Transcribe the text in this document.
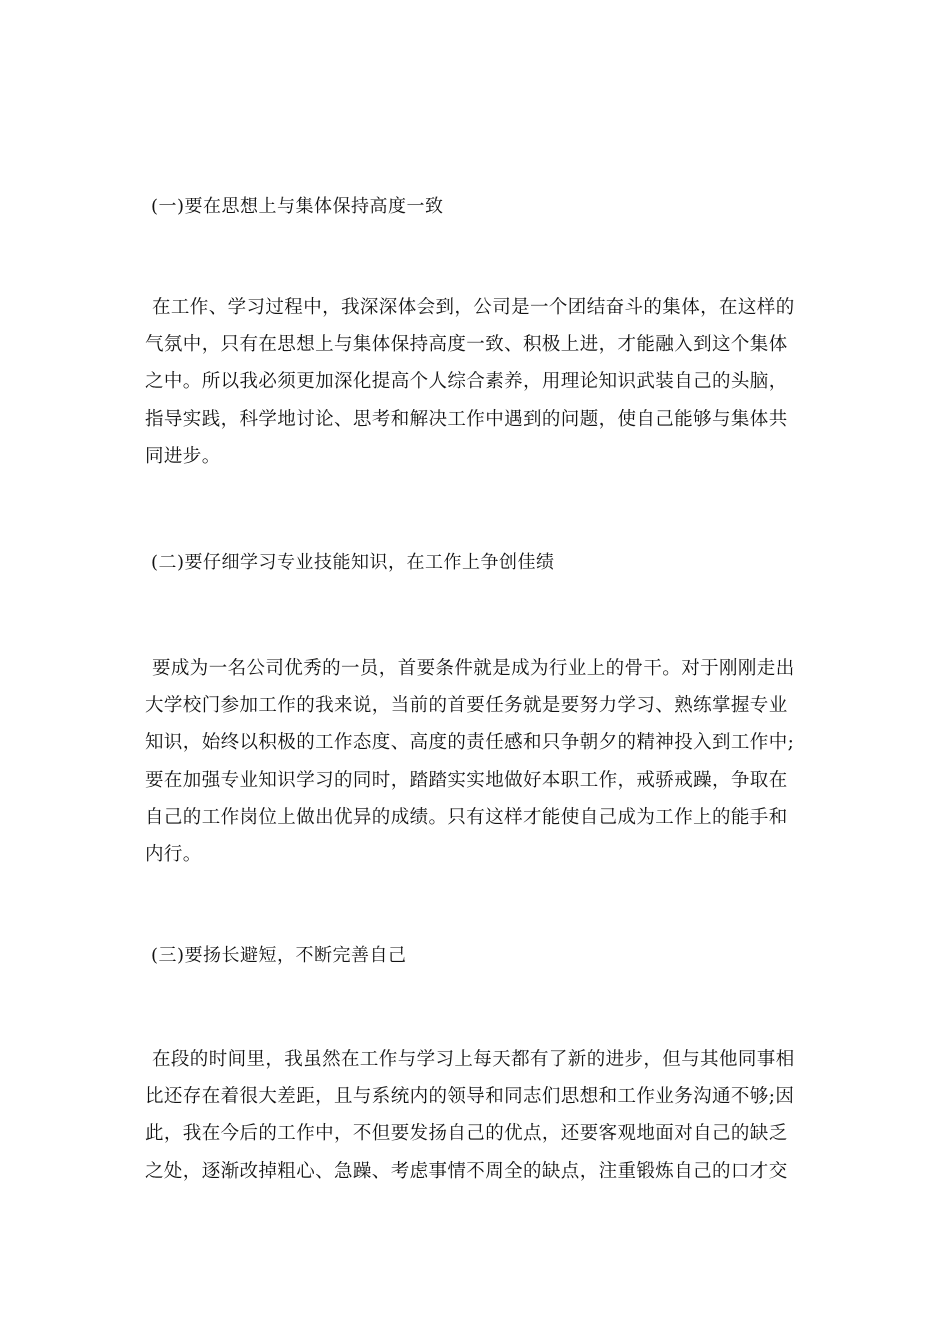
(一)要在思想上与集体保持高度一致
在工作、学习过程中，我深深体会到，公司是一个团结奋斗的集体，在这样的
气氛中，只有在思想上与集体保持高度一致、积极上进，才能融入到这个集体
之中。所以我必须更加深化提高个人综合素养，用理论知识武装自己的头脑，
指导实践，科学地讨论、思考和解决工作中遇到的问题，使自己能够与集体共
同进步。
(二)要仔细学习专业技能知识，在工作上争创佳绩
要成为一名公司优秀的一员，首要条件就是成为行业上的骨干。对于刚刚走出
大学校门参加工作的我来说，当前的首要任务就是要努力学习、熟练掌握专业
知识，始终以积极的工作态度、高度的责任感和只争朝夕的精神投入到工作中;
要在加强专业知识学习的同时，踏踏实实地做好本职工作，戒骄戒躁，争取在
自己的工作岗位上做出优异的成绩。只有这样才能使自己成为工作上的能手和
内行。
(三)要扬长避短，不断完善自己
在段的时间里，我虽然在工作与学习上每天都有了新的进步，但与其他同事相
比还存在着很大差距，且与系统内的领导和同志们思想和工作业务沟通不够;因
此，我在今后的工作中，不但要发扬自己的优点，还要客观地面对自己的缺乏
之处，逐渐改掉粗心、急躁、考虑事情不周全的缺点，注重锻炼自己的口才交
